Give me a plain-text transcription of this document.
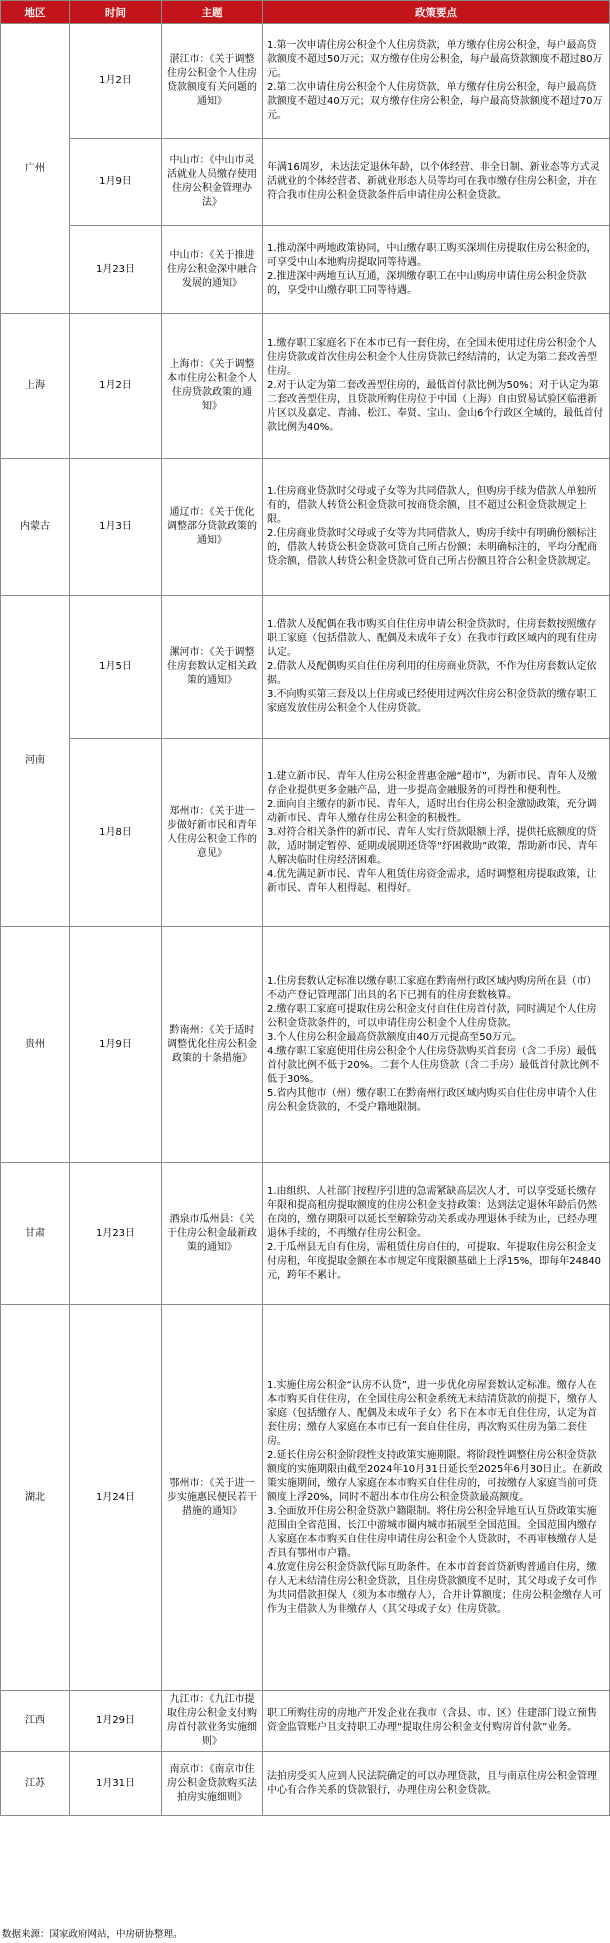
地区	时间	主题	政策要点
广州	1月2日	湛江市：《关于调整住房公积金个人住房贷款额度有关问题的通知》	1.第一次申请住房公积金个人住房贷款，单方缴存住房公积金，每户最高贷款额度不超过50万元；双方缴存住房公积金，每户最高贷款额度不超过80万元。
2.第二次申请住房公积金个人住房贷款，单方缴存住房公积金，每户最高贷款额度不超过40万元；双方缴存住房公积金，每户最高贷款额度不超过70万元。

	1月9日	中山市：《中山市灵活就业人员缴存使用住房公积金管理办法》	年满16周岁，未达法定退休年龄，以个体经营、非全日制、新业态等方式灵活就业的个体经营者、新就业形态人员等均可在我市缴存住房公积金，并在符合我市住房公积金贷款条件后申请住房公积金贷款。

	1月23日	中山市：《关于推进住房公积金深中融合发展的通知》	1.推动深中两地政策协同，中山缴存职工购买深圳住房提取住房公积金的，可享受中山本地购房提取同等待遇。
2.推进深中两地互认互通，深圳缴存职工在中山购房申请住房公积金贷款的，享受中山缴存职工同等待遇。

上海	1月2日	上海市：《关于调整本市住房公积金个人住房贷款政策的通知》	1.缴存职工家庭名下在本市已有一套住房，在全国未使用过住房公积金个人住房贷款或首次住房公积金个人住房贷款已经结清的，认定为第二套改善型住房。
2.对于认定为第二套改善型住房的，最低首付款比例为50%；对于认定为第二套改善型住房，且贷款所购住房位于中国（上海）自由贸易试验区临港新片区以及嘉定、青浦、松江、奉贤、宝山、金山6个行政区全域的，最低首付款比例为40%。

内蒙古	1月3日	通辽市：《关于优化调整部分贷款政策的通知》	1.住房商业贷款时父母或子女等为共同借款人，但购房手续为借款人单独所有的，借款人转贷公积金贷款可按商贷余额，且不超过公积金贷款规定上限。
2.住房商业贷款时父母或子女等为共同借款人，购房手续中有明确份额标注的，借款人转贷公积金贷款可贷自己所占份额；未明确标注的，平均分配商贷余额，借款人转贷公积金贷款可贷自己所占份额且符合公积金贷款规定。

河南	1月5日	漯河市：《关于调整住房套数认定相关政策的通知》	1.借款人及配偶在我市购买自住住房申请公积金贷款时，住房套数按照缴存职工家庭（包括借款人、配偶及未成年子女）在我市行政区域内的现有住房认定。
2.借款人及配偶购买自住住房利用的住房商业贷款，不作为住房套数认定依据。
3.不向购买第三套及以上住房或已经使用过两次住房公积金贷款的缴存职工家庭发放住房公积金个人住房贷款。

	1月8日	郑州市：《关于进一步做好新市民和青年人住房公积金工作的意见》	1.建立新市民、青年人住房公积金普惠金融“超市”，为新市民、青年人及缴存企业提供更多金融产品，进一步提高金融服务的可得性和便利性。
2.面向自主缴存的新市民、青年人，适时出台住房公积金激励政策，充分调动新市民、青年人缴存住房公积金的积极性。
3.对符合相关条件的新市民、青年人实行贷款限额上浮，提供托底额度的贷款，适时制定暂停、延期或展期还贷等“纾困救助”政策，帮助新市民、青年人解决临时住房经济困难。
4.优先满足新市民、青年人租赁住房资金需求，适时调整租房提取政策，让新市民、青年人租得起、租得好。

贵州	1月9日	黔南州：《关于适时调整优化住房公积金政策的十条措施》	1.住房套数认定标准以缴存职工家庭在黔南州行政区域内购房所在县（市）不动产登记管理部门出具的名下已拥有的住房套数核算。
2.缴存职工家庭可提取住房公积金支付自住住房首付款，同时满足个人住房公积金贷款条件的，可以申请住房公积金个人住房贷款。
3.个人住房公积金最高贷款额度由40万元提高至50万元。
4.缴存职工家庭使用住房公积金个人住房贷款购买首套房（含二手房）最低首付款比例不低于20%。二套个人住房贷款（含二手房）最低首付款比例不低于30%。
5.省内其他市（州）缴存职工在黔南州行政区域内购买自住住房申请个人住房公积金贷款的，不受户籍地限制。

甘肃	1月23日	酒泉市瓜州县：《关于住房公积金最新政策的通知》	1.由组织、人社部门按程序引进的急需紧缺高层次人才，可以享受延长缴存年限和提高租房提取额度的住房公积金支持政策：达到法定退休年龄后仍然在岗的，缴存期限可以延长至解除劳动关系或办理退休手续为止，已经办理退休手续的，不再缴存住房公积金。
2.于瓜州县无自有住房，需租赁住房自住的，可提取、年提取住房公积金支付房租，年度提取金额在本市规定年度限额基础上上浮15%，即每年24840元，跨年不累计。

湖北	1月24日	鄂州市：《关于进一步实施惠民便民若干措施的通知》	1.实施住房公积金“认房不认贷”，进一步优化房屋套数认定标准。缴存人在本市购买自住住房，在全国住房公积金系统无未结清贷款的前提下，缴存人家庭（包括缴存人、配偶及未成年子女）名下在本市无自住住房，认定为首套住房；缴存人家庭在本市已有一套自住住房，再次购买住房为第二套住房。
2.延长住房公积金阶段性支持政策实施期限。将阶段性调整住房公积金贷款额度的实施期限由截至2024年10月31日延长至2025年6月30日止。在新政策实施期间，缴存人家庭在本市购买自住住房的，可按缴存人家庭当前可贷额度上浮20%，同时不超出本市住房公积金贷款最高额度。
3.全面放开住房公积金贷款户籍限制。将住房公积金异地互认互贷政策实施范围由全省范围、长江中游城市圈内城市拓展至全国范围。全国范围内缴存人家庭在本市购买自住住房申请住房公积金个人贷款时，不再审核缴存人是否具有鄂州市户籍。
4.放宽住房公积金贷款代际互助条件。在本市首套首贷新购普通自住房，缴存人无未结清住房公积金贷款，且住房贷款额度不足时，其父母或子女可作为共同借款担保人（须为本市缴存人），合并计算额度；住房公积金缴存人可作为主借款人为非缴存人（其父母或子女）住房贷款。

江西	1月29日	九江市：《九江市提取住房公积金支付购房首付款业务实施细则》	职工所购住房的房地产开发企业在我市（含县、市、区）住建部门设立预售资金监管账户且支持职工办理“提取住房公积金支付购房首付款”业务。

江苏	1月31日	南京市：《南京市住房公积金贷款购买法拍房实施细则》	法拍房受买人应到人民法院确定的可以办理贷款，且与南京住房公积金管理中心有合作关系的贷款银行，办理住房公积金贷款。
数据来源：国家政府网站，中房研协整理。
